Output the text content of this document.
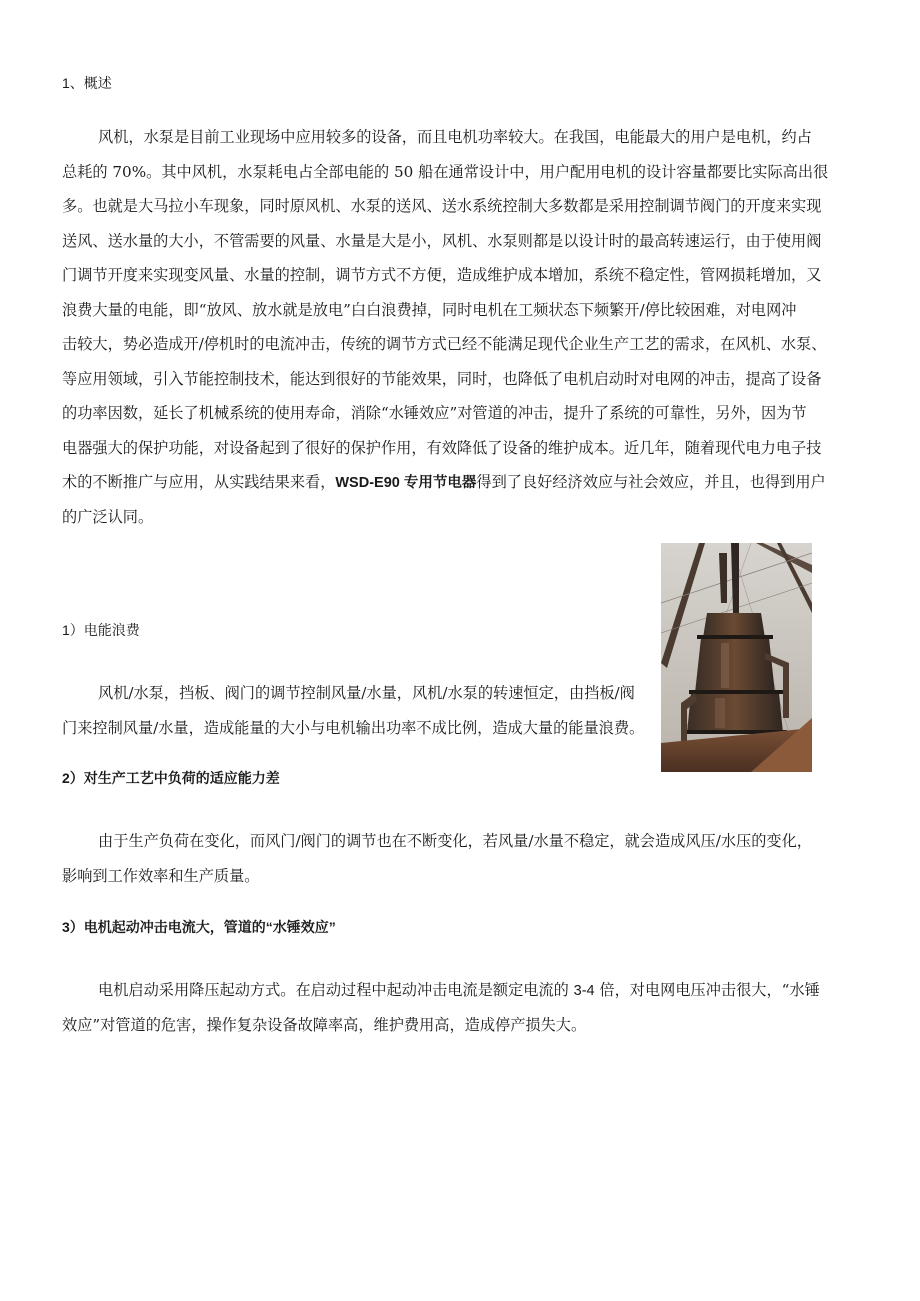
1、概述
风机，水泵是目前工业现场中应用较多的设备，而且电机功率较大。在我国，电能最大的用户是电机，约占
总耗的 70%。其中风机，水泵耗电占全部电能的 50 船在通常设计中，用户配用电机的设计容量都要比实际高出很
多。也就是大马拉小车现象，同时原风机、水泵的送风、送水系统控制大多数都是采用控制调节阀门的开度来实现
送风、送水量的大小，不管需要的风量、水量是大是小，风机、水泵则都是以设计时的最高转速运行，由于使用阀
门调节开度来实现变风量、水量的控制，调节方式不方便，造成维护成本增加，系统不稳定性，管网损耗增加，又
浪费大量的电能，即“放风、放水就是放电”白白浪费掉，同时电机在工频状态下频繁开/停比较困难，对电网冲
击较大，势必造成开/停机时的电流冲击，传统的调节方式已经不能满足现代企业生产工艺的需求，在风机、水泵、
等应用领域，引入节能控制技术，能达到很好的节能效果，同时，也降低了电机启动时对电网的冲击，提高了设备
的功率因数，延长了机械系统的使用寿命，消除“水锤效应”对管道的冲击，提升了系统的可靠性，另外，因为节
电器强大的保护功能，对设备起到了很好的保护作用，有效降低了设备的维护成本。近几年，随着现代电力电子技
术的不断推广与应用，从实践结果来看，WSD-E90 专用节电器得到了良好经济效应与社会效应，并且，也得到用户
的广泛认同。
1）电能浪费
风机/水泵，挡板、阀门的调节控制风量/水量，风机/水泵的转速恒定，由挡板/阀
门来控制风量/水量，造成能量的大小与电机输出功率不成比例，造成大量的能量浪费。
2）对生产工艺中负荷的适应能力差
由于生产负荷在变化，而风门/阀门的调节也在不断变化，若风量/水量不稳定，就会造成风压/水压的变化，
影响到工作效率和生产质量。
3）电机起动冲击电流大，管道的“水锤效应”
电机启动采用降压起动方式。在启动过程中起动冲击电流是额定电流的 3-4 倍，对电网电压冲击很大，“水锤
效应”对管道的危害，操作复杂设备故障率高，维护费用高，造成停产损失大。
